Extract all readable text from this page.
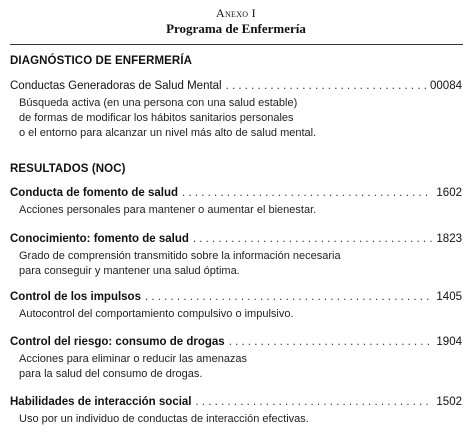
Anexo I
Programa de Enfermería
DIAGNÓSTICO DE ENFERMERÍA
Conductas Generadoras de Salud Mental . . .	00084
Búsqueda activa (en una persona con una salud estable)
de formas de modificar los hábitos sanitarios personales
o el entorno para alcanzar un nivel más alto de salud mental.
RESULTADOS (NOC)
Conducta de fomento de salud . . .	1602
Acciones personales para mantener o aumentar el bienestar.
Conocimiento: fomento de salud . . .	1823
Grado de comprensión transmitido sobre la información necesaria
para conseguir y mantener una salud óptima.
Control de los impulsos . . .	1405
Autocontrol del comportamiento compulsivo o impulsivo.
Control del riesgo: consumo de drogas . . .	1904
Acciones para eliminar o reducir las amenazas
para la salud del consumo de drogas.
Habilidades de interacción social . . .	1502
Uso por un individuo de conductas de interacción efectivas.
